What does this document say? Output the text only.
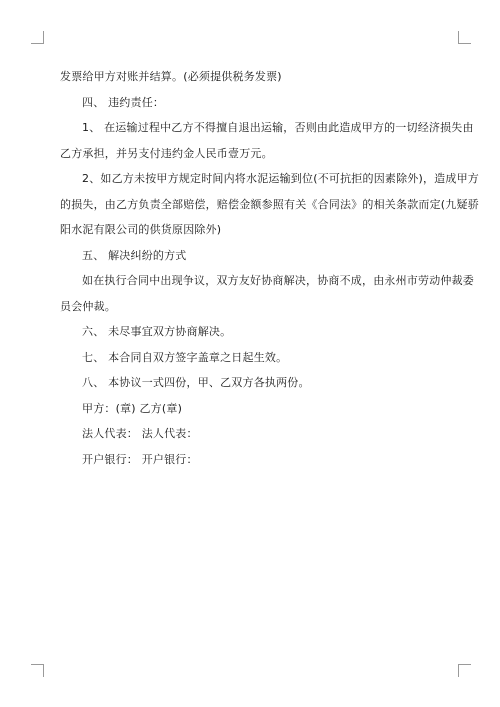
发票给甲方对账并结算。(必须提供税务发票)
四、 违约责任：
1、 在运输过程中乙方不得擅自退出运输，否则由此造成甲方的一切经济损失由
乙方承担，并另支付违约金人民币壹万元。
2、如乙方未按甲方规定时间内将水泥运输到位(不可抗拒的因素除外)，造成甲方
的损失，由乙方负责全部赔偿，赔偿金额参照有关《合同法》的相关条款而定(九疑骄
阳水泥有限公司的供货原因除外)
五、 解决纠纷的方式
如在执行合同中出现争议，双方友好协商解决，协商不成，由永州市劳动仲裁委
员会仲裁。
六、 未尽事宜双方协商解决。
七、 本合同自双方签字盖章之日起生效。
八、 本协议一式四份，甲、乙双方各执两份。
甲方：(章) 乙方(章)
法人代表： 法人代表：
开户银行： 开户银行：
